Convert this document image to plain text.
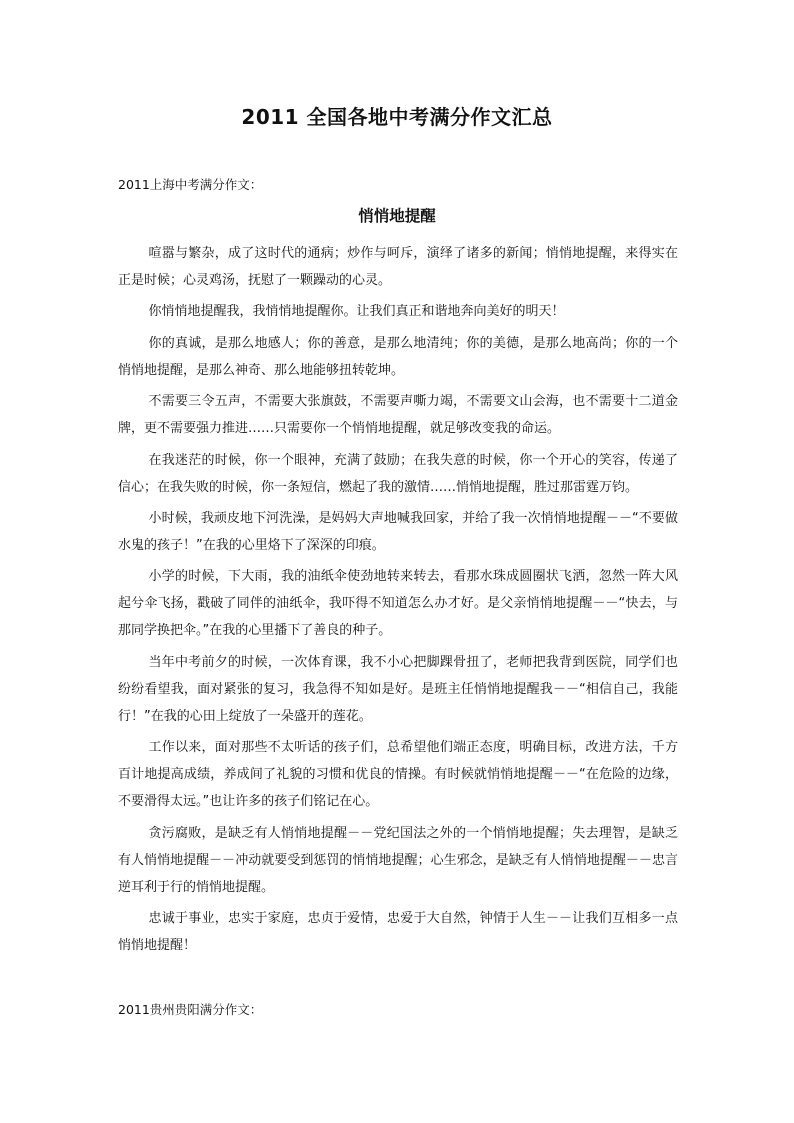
2011 全国各地中考满分作文汇总
2011上海中考满分作文：
悄悄地提醒

喧嚣与繁杂，成了这时代的通病；炒作与呵斥，演绎了诸多的新闻；悄悄地提醒，来得实在正是时候；心灵鸡汤，抚慰了一颗躁动的心灵。

你悄悄地提醒我，我悄悄地提醒你。让我们真正和谐地奔向美好的明天！

你的真诚，是那么地感人；你的善意，是那么地清纯；你的美德，是那么地高尚；你的一个悄悄地提醒，是那么神奇、那么地能够扭转乾坤。

不需要三令五声，不需要大张旗鼓，不需要声嘶力竭，不需要文山会海，也不需要十二道金牌，更不需要强力推进……只需要你一个悄悄地提醒，就足够改变我的命运。

在我迷茫的时候，你一个眼神，充满了鼓励；在我失意的时候，你一个开心的笑容，传递了信心；在我失败的时候，你一条短信，燃起了我的激情……悄悄地提醒，胜过那雷霆万钧。

小时候，我顽皮地下河洗澡，是妈妈大声地喊我回家，并给了我一次悄悄地提醒－－“不要做水鬼的孩子！”在我的心里烙下了深深的印痕。

小学的时候，下大雨，我的油纸伞使劲地转来转去，看那水珠成圆圈状飞洒，忽然一阵大风起兮伞飞扬，戳破了同伴的油纸伞，我吓得不知道怎么办才好。是父亲悄悄地提醒－－“快去，与那同学换把伞。”在我的心里播下了善良的种子。

当年中考前夕的时候，一次体育课，我不小心把脚踝骨扭了，老师把我背到医院，同学们也纷纷看望我，面对紧张的复习，我急得不知如是好。是班主任悄悄地提醒我－－“相信自己，我能行！”在我的心田上绽放了一朵盛开的莲花。

工作以来，面对那些不太听话的孩子们，总希望他们端正态度，明确目标，改进方法，千方百计地提高成绩，养成间了礼貌的习惯和优良的情操。有时候就悄悄地提醒－－“在危险的边缘，不要滑得太远。”也让许多的孩子们铭记在心。

贪污腐败，是缺乏有人悄悄地提醒－－党纪国法之外的一个悄悄地提醒；失去理智，是缺乏有人悄悄地提醒－－冲动就要受到惩罚的悄悄地提醒；心生邪念，是缺乏有人悄悄地提醒－－忠言逆耳利于行的悄悄地提醒。

忠诚于事业，忠实于家庭，忠贞于爱情，忠爱于大自然，钟情于人生－－让我们互相多一点悄悄地提醒！

2011贵州贵阳满分作文：
